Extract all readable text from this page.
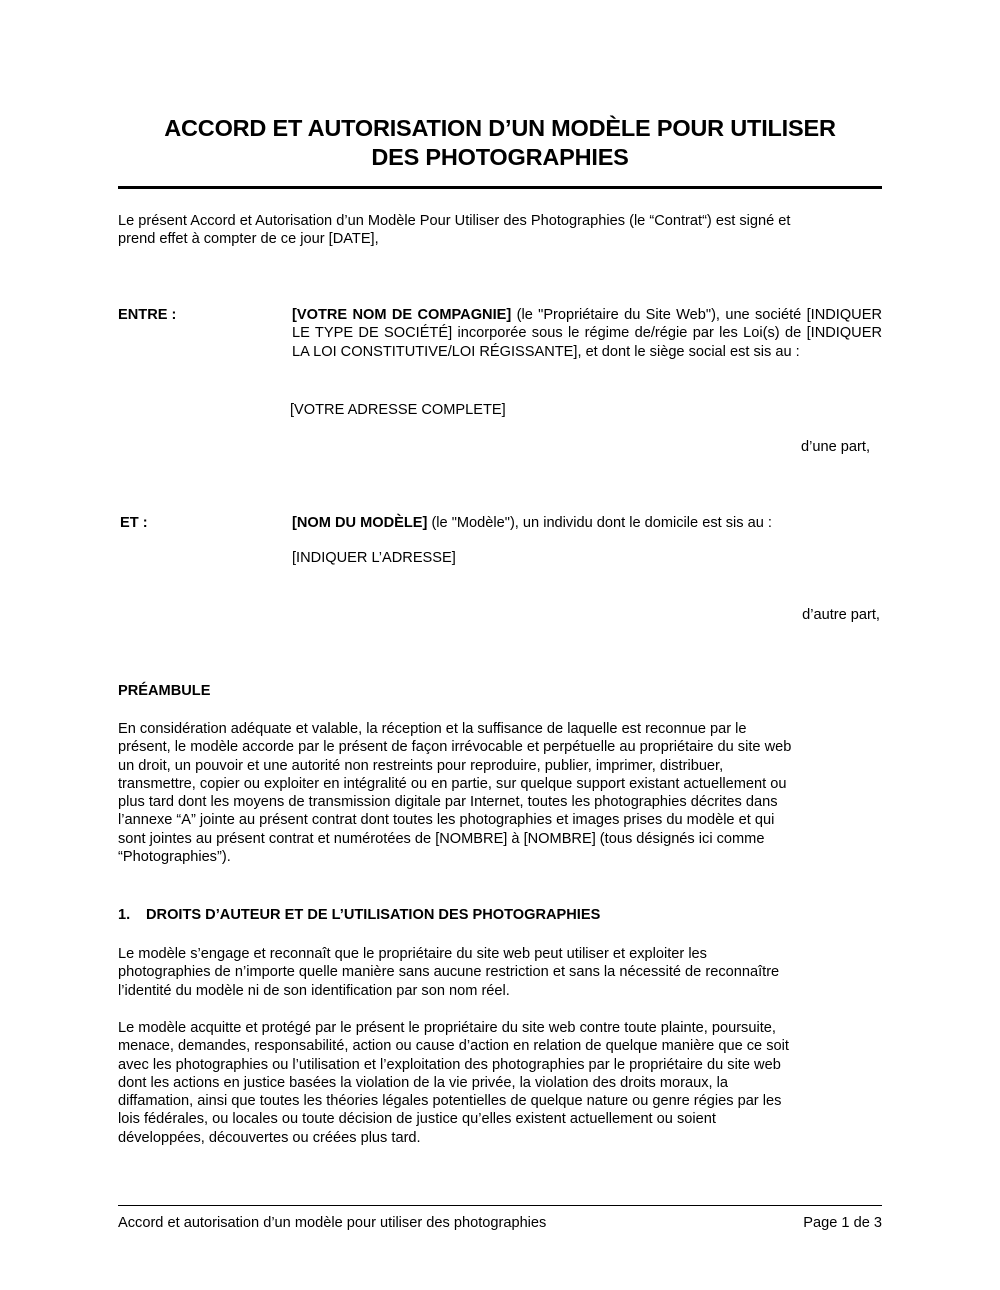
ACCORD ET AUTORISATION D’UN MODÈLE POUR UTILISER
DES PHOTOGRAPHIES
Le présent Accord et Autorisation d’un Modèle Pour Utiliser des Photographies (le “Contrat“) est signé et
prend effet à compter de ce jour [DATE],
ENTRE :	[VOTRE NOM DE COMPAGNIE] (le "Propriétaire du Site Web"), une société [INDIQUER LE TYPE DE SOCIÉTÉ] incorporée sous le régime de/régie par les Loi(s) de [INDIQUER LA LOI CONSTITUTIVE/LOI RÉGISSANTE], et dont le siège social est sis au :
[VOTRE ADRESSE COMPLETE]
d’une part,
ET :	[NOM DU MODÈLE] (le "Modèle"), un individu dont le domicile est sis au :
[INDIQUER L’ADRESSE]
d’autre part,
PRÉAMBULE
En considération adéquate et valable, la réception et la suffisance de laquelle est reconnue par le
présent, le modèle accorde par le présent de façon irrévocable et perpétuelle au propriétaire du site web
un droit, un pouvoir et une autorité non restreints pour reproduire, publier, imprimer, distribuer,
transmettre, copier ou exploiter en intégralité ou en partie, sur quelque support existant actuellement ou
plus tard dont les moyens de transmission digitale par Internet, toutes les photographies décrites dans
l’annexe “A” jointe au présent contrat dont toutes les photographies et images prises du modèle et qui
sont jointes au présent contrat et numérotées de [NOMBRE] à [NOMBRE] (tous désignés ici comme
“Photographies”).
1. DROITS D’AUTEUR ET DE L’UTILISATION DES PHOTOGRAPHIES
Le modèle s’engage et reconnaît que le propriétaire du site web peut utiliser et exploiter les
photographies de n’importe quelle manière sans aucune restriction et sans la nécessité de reconnaître
l’identité du modèle ni de son identification par son nom réel.
Le modèle acquitte et protégé par le présent le propriétaire du site web contre toute plainte, poursuite,
menace, demandes, responsabilité, action ou cause d’action en relation de quelque manière que ce soit
avec les photographies ou l’utilisation et l’exploitation des photographies par le propriétaire du site web
dont les actions en justice basées la violation de la vie privée, la violation des droits moraux, la
diffamation, ainsi que toutes les théories légales potentielles de quelque nature ou genre régies par les
lois fédérales, ou locales ou toute décision de justice qu’elles existent actuellement ou soient
développées, découvertes ou créées plus tard.
Accord et autorisation d’un modèle pour utiliser des photographies	Page 1 de 3
